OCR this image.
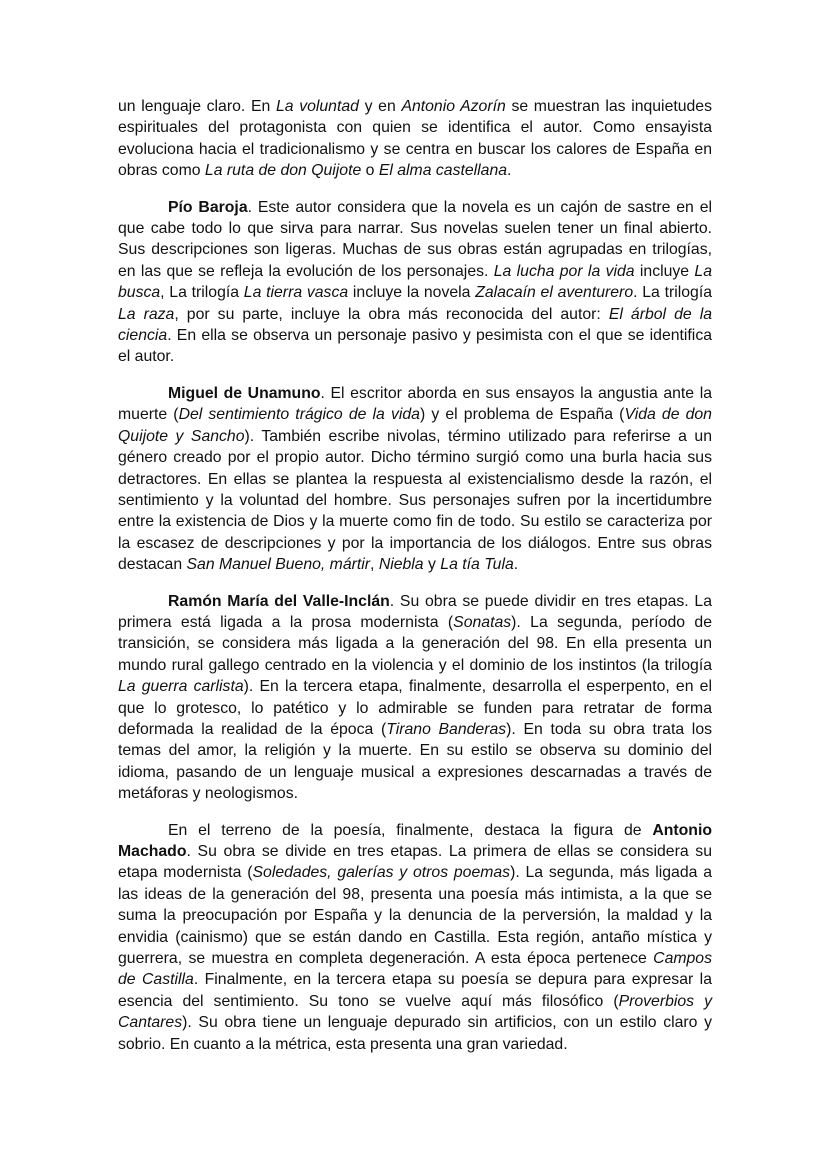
un lenguaje claro. En La voluntad y en Antonio Azorín se muestran las inquietudes espirituales del protagonista con quien se identifica el autor. Como ensayista evoluciona hacia el tradicionalismo y se centra en buscar los calores de España en obras como La ruta de don Quijote o El alma castellana.

Pío Baroja. Este autor considera que la novela es un cajón de sastre en el que cabe todo lo que sirva para narrar. Sus novelas suelen tener un final abierto. Sus descripciones son ligeras. Muchas de sus obras están agrupadas en trilogías, en las que se refleja la evolución de los personajes. La lucha por la vida incluye La busca, La trilogía La tierra vasca incluye la novela Zalacaín el aventurero. La trilogía La raza, por su parte, incluye la obra más reconocida del autor: El árbol de la ciencia. En ella se observa un personaje pasivo y pesimista con el que se identifica el autor.

Miguel de Unamuno. El escritor aborda en sus ensayos la angustia ante la muerte (Del sentimiento trágico de la vida) y el problema de España (Vida de don Quijote y Sancho). También escribe nivolas, término utilizado para referirse a un género creado por el propio autor. Dicho término surgió como una burla hacia sus detractores. En ellas se plantea la respuesta al existencialismo desde la razón, el sentimiento y la voluntad del hombre. Sus personajes sufren por la incertidumbre entre la existencia de Dios y la muerte como fin de todo. Su estilo se caracteriza por la escasez de descripciones y por la importancia de los diálogos. Entre sus obras destacan San Manuel Bueno, mártir, Niebla y La tía Tula.

Ramón María del Valle-Inclán. Su obra se puede dividir en tres etapas. La primera está ligada a la prosa modernista (Sonatas). La segunda, período de transición, se considera más ligada a la generación del 98. En ella presenta un mundo rural gallego centrado en la violencia y el dominio de los instintos (la trilogía La guerra carlista). En la tercera etapa, finalmente, desarrolla el esperpento, en el que lo grotesco, lo patético y lo admirable se funden para retratar de forma deformada la realidad de la época (Tirano Banderas). En toda su obra trata los temas del amor, la religión y la muerte. En su estilo se observa su dominio del idioma, pasando de un lenguaje musical a expresiones descarnadas a través de metáforas y neologismos.

En el terreno de la poesía, finalmente, destaca la figura de Antonio Machado. Su obra se divide en tres etapas. La primera de ellas se considera su etapa modernista (Soledades, galerías y otros poemas). La segunda, más ligada a las ideas de la generación del 98, presenta una poesía más intimista, a la que se suma la preocupación por España y la denuncia de la perversión, la maldad y la envidia (cainismo) que se están dando en Castilla. Esta región, antaño mística y guerrera, se muestra en completa degeneración. A esta época pertenece Campos de Castilla. Finalmente, en la tercera etapa su poesía se depura para expresar la esencia del sentimiento. Su tono se vuelve aquí más filosófico (Proverbios y Cantares). Su obra tiene un lenguaje depurado sin artificios, con un estilo claro y sobrio. En cuanto a la métrica, esta presenta una gran variedad.
